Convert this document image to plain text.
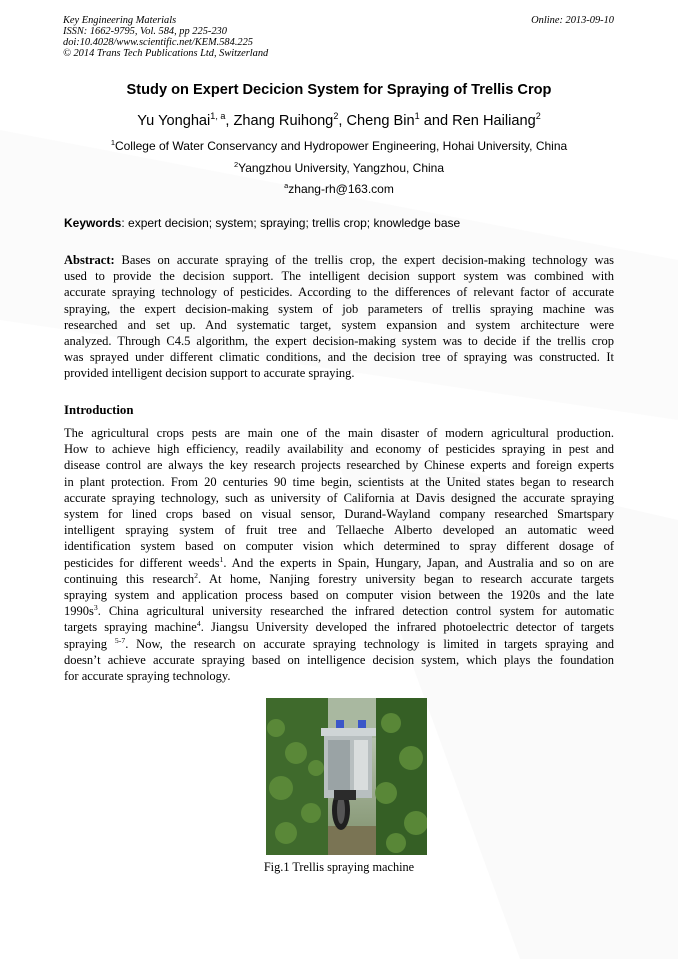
Key Engineering Materials
ISSN: 1662-9795, Vol. 584, pp 225-230
doi:10.4028/www.scientific.net/KEM.584.225
© 2014 Trans Tech Publications Ltd, Switzerland
Online: 2013-09-10
Study on Expert Decicion System for Spraying of Trellis Crop
Yu Yonghai$^{1, a}$, Zhang Ruihong$^2$, Cheng Bin$^1$ and Ren Hailiang$^2$
$^1$College of Water Conservancy and Hydropower Engineering, Hohai University, China
$^2$Yangzhou University, Yangzhou, China
$^a$zhang-rh@163.com
Keywords: expert decision; system; spraying; trellis crop; knowledge base
Abstract: Bases on accurate spraying of the trellis crop, the expert decision-making technology was
used to provide the decision support. The intelligent decision support system was combined with
accurate spraying technology of pesticides. According to the differences of relevant factor of accurate
spraying, the expert decision-making system of job parameters of trellis spraying machine was
researched and set up. And systematic target, system expansion and system architecture were
analyzed. Through C4.5 algorithm, the expert decision-making system was to decide if the trellis crop
was sprayed under different climatic conditions, and the decision tree of spraying was constructed. It
provided intelligent decision support to accurate spraying.
Introduction
The agricultural crops pests are main one of the main disaster of modern agricultural production.
How to achieve high efficiency, readily availability and economy of pesticides spraying in pest and
disease control are always the key research projects researched by Chinese experts and foreign experts
in plant protection. From 20 centuries 90 time begin, scientists at the United states began to research
accurate spraying technology, such as university of California at Davis designed the accurate spraying
system for lined crops based on visual sensor, Durand-Wayland company researched Smartspary
intelligent spraying system of fruit tree and Tellaeche Alberto developed an automatic weed
identification system based on computer vision which determined to spray different dosage of
pesticides for different weeds$^1$. And the experts in Spain, Hungary, Japan, and Australia and so on are
continuing this research$^2$. At home, Nanjing forestry university began to research accurate targets
spraying system and application process based on computer vision between the 1920s and the late
$1990s^3$. China agricultural university researched the infrared detection control system for automatic
targets spraying machine$^4$. Jiangsu University developed the infrared photoelectric detector of targets
spraying $^{5-7}$. Now, the research on accurate spraying technology is limited in targets spraying and
doesn’t achieve accurate spraying based on intelligence decision system, which plays the foundation
for accurate spraying technology.
Fig.1 Trellis spraying machine
